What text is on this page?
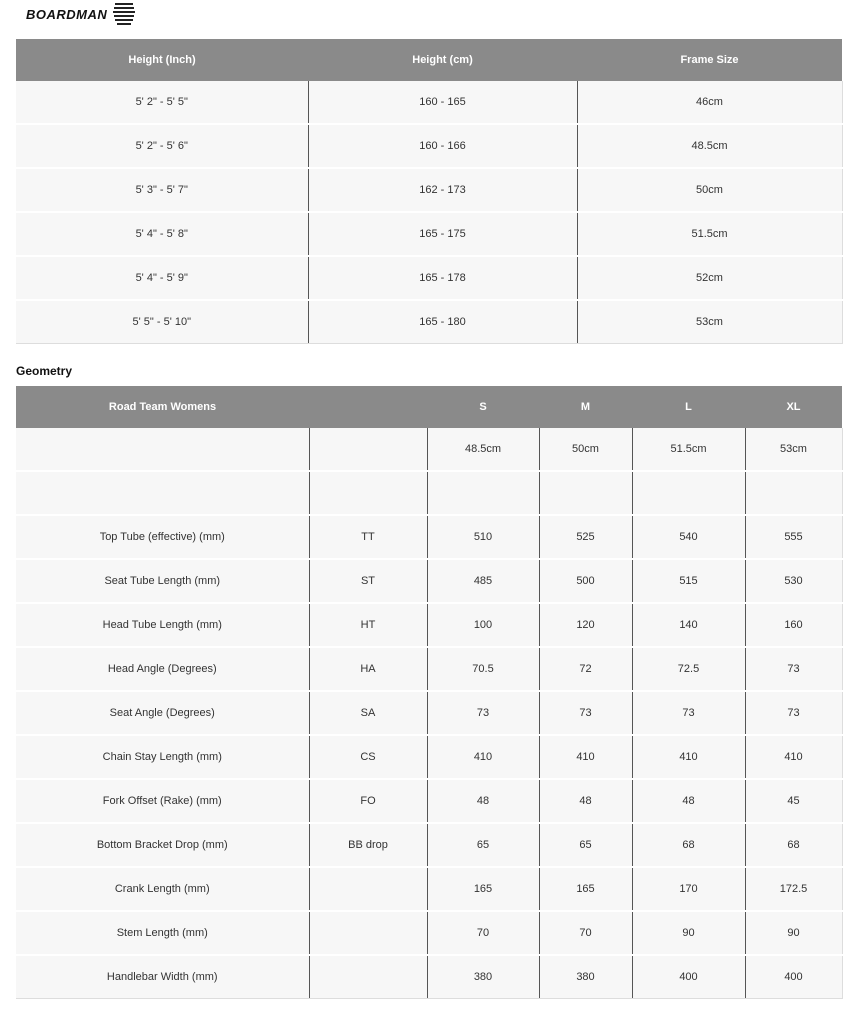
BOARDMAN
Height (Inch)	Height (cm)	Frame Size
5' 2" - 5' 5"	160 - 165	46cm
5' 2" - 5' 6"	160 - 166	48.5cm
5' 3" - 5' 7"	162 - 173	50cm
5' 4" - 5' 8"	165 - 175	51.5cm
5' 4" - 5' 9"	165 - 178	52cm
5' 5" - 5' 10"	165 - 180	53cm
Geometry
Road Team Womens		S	M	L	XL
		48.5cm	50cm	51.5cm	53cm

Top Tube (effective) (mm)	TT	510	525	540	555
Seat Tube Length (mm)	ST	485	500	515	530
Head Tube Length (mm)	HT	100	120	140	160
Head Angle (Degrees)	HA	70.5	72	72.5	73
Seat Angle (Degrees)	SA	73	73	73	73
Chain Stay Length (mm)	CS	410	410	410	410
Fork Offset (Rake) (mm)	FO	48	48	48	45
Bottom Bracket Drop (mm)	BB drop	65	65	68	68
Crank Length (mm)		165	165	170	172.5
Stem Length (mm)		70	70	90	90
Handlebar Width (mm)		380	380	400	400
